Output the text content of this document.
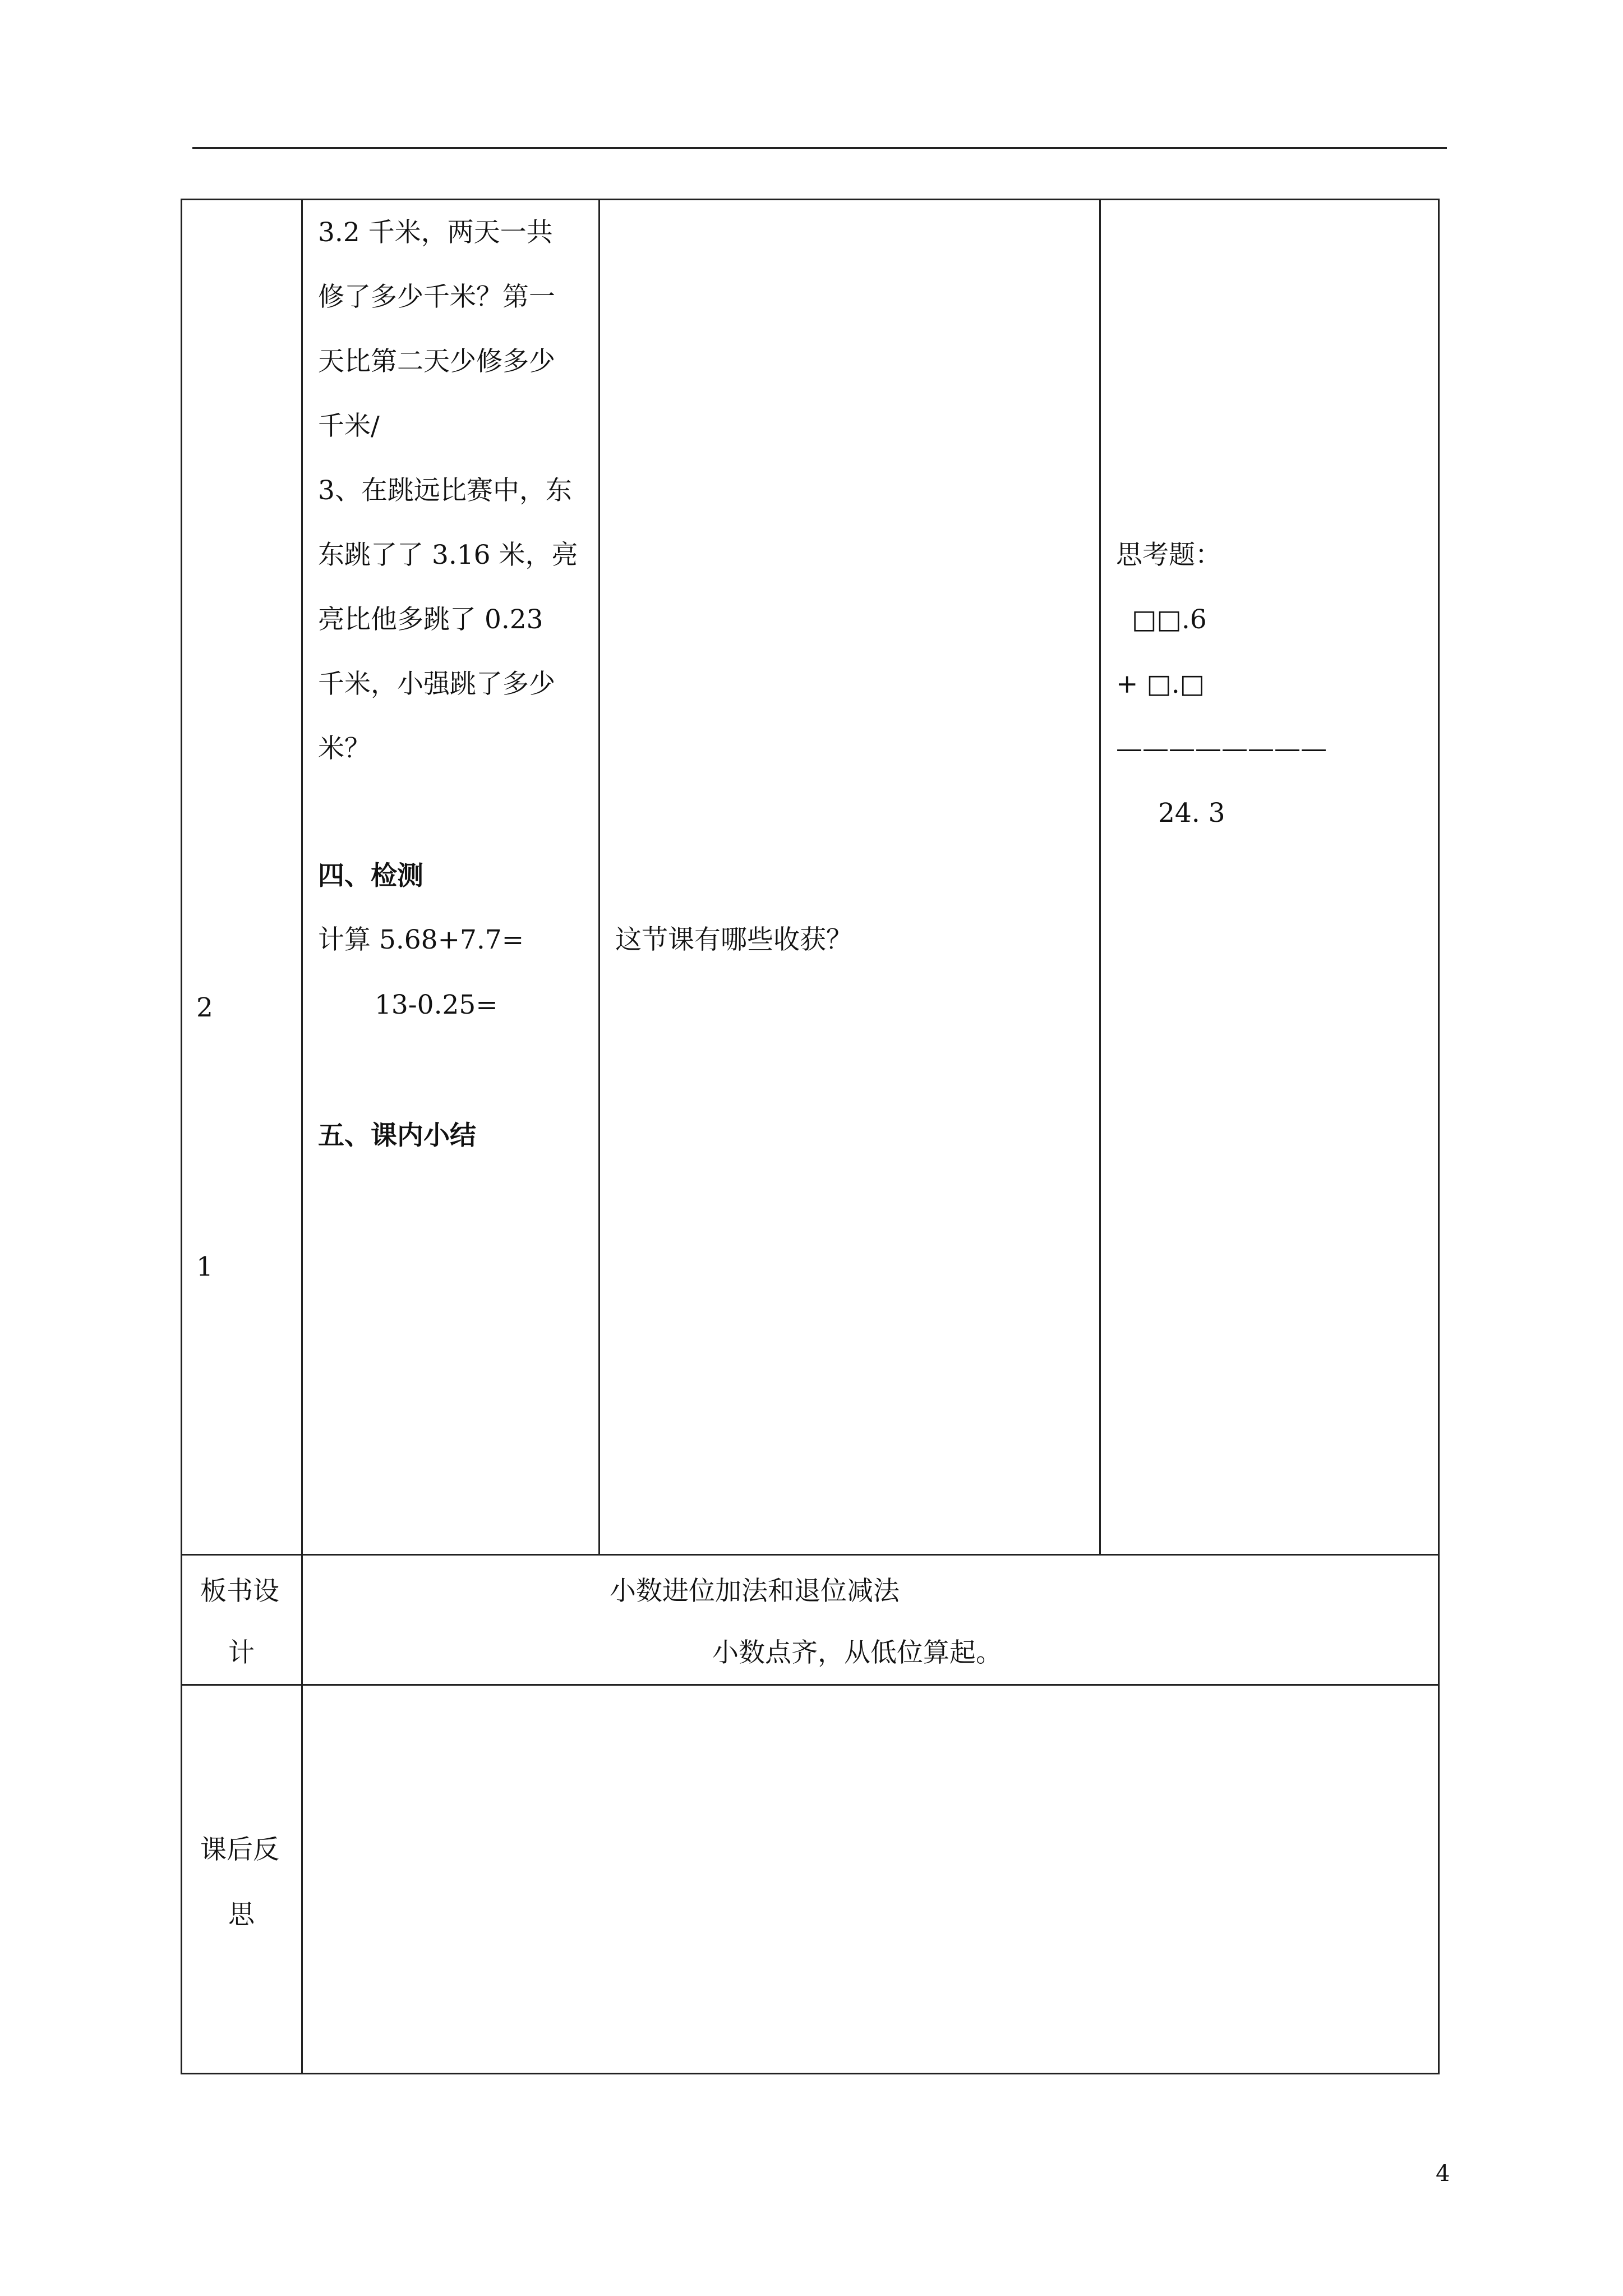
2
1
3.2 千米，两天一共
修了多少千米？第一
天比第二天少修多少
千米/
3、在跳远比赛中，东
东跳了了 3.16 米，亮
亮比他多跳了 0.23
千米，小强跳了多少
米？
四、检测
计算 5.68+7.7=
13-0.25=
五、课内小结
这节课有哪些收获？
思考题：
□□.6
+ □.□
————————
24. 3
板书设
计
小数进位加法和退位减法
小数点齐，从低位算起。
课后反
思
4
